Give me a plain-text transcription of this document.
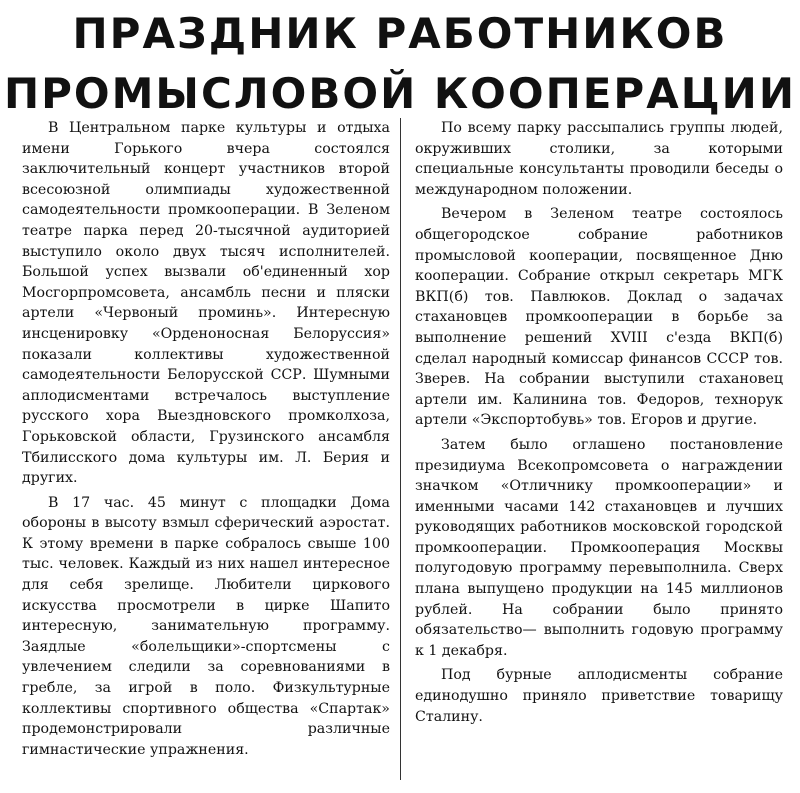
ПРАЗДНИК РАБОТНИКОВ
ПРОМЫСЛОВОЙ КООПЕРАЦИИ

В Центральном парке культуры и отдыха имени Горького вчера состоялся заключительный концерт участников второй всесоюзной олимпиады художественной самодеятельности промкооперации. В Зеленом театре парка перед 20-тысячной аудиторией выступило около двух тысяч исполнителей. Большой успех вызвали об'единенный хор Мосгорпромсовета, ансамбль песни и пляски артели «Червоный проминь». Интересную инсценировку «Орденоносная Белоруссия» показали коллективы художественной самодеятельности Белорусской ССР. Шумными аплодисментами встречалось выступление русского хора Выездновского промколхоза, Горьковской области, Грузинского ансамбля Тбилисского дома культуры им. Л. Берия и других.

В 17 час. 45 минут с площадки Дома обороны в высоту взмыл сферический аэростат. К этому времени в парке собралось свыше 100 тыс. человек. Каждый из них нашел интересное для себя зрелище. Любители циркового искусства просмотрели в цирке Шапито интересную, занимательную программу. Заядлые «болельщики»-спортсмены с увлечением следили за соревнованиями в гребле, за игрой в поло. Физкультурные коллективы спортивного общества «Спартак» продемонстрировали различные гимнастические упражнения.

По всему парку рассыпались группы людей, окруживших столики, за которыми специальные консультанты проводили беседы о международном положении.

Вечером в Зеленом театре состоялось общегородское собрание работников промысловой кооперации, посвященное Дню кооперации. Собрание открыл секретарь МГК ВКП(б) тов. Павлюков. Доклад о задачах стахановцев промкооперации в борьбе за выполнение решений XVIII с'езда ВКП(б) сделал народный комиссар финансов СССР тов. Зверев. На собрании выступили стахановец артели им. Калинина тов. Федоров, технорук артели «Экспортобувь» тов. Егоров и другие.

Затем было оглашено постановление президиума Всекопромсовета о награждении значком «Отличнику промкооперации» и именными часами 142 стахановцев и лучших руководящих работников московской городской промкооперации. Промкооперация Москвы полугодовую программу перевыполнила. Сверх плана выпущено продукции на 145 миллионов рублей. На собрании было принято обязательство— выполнить годовую программу к 1 декабря.

Под бурные аплодисменты собрание единодушно приняло приветствие товарищу Сталину.
